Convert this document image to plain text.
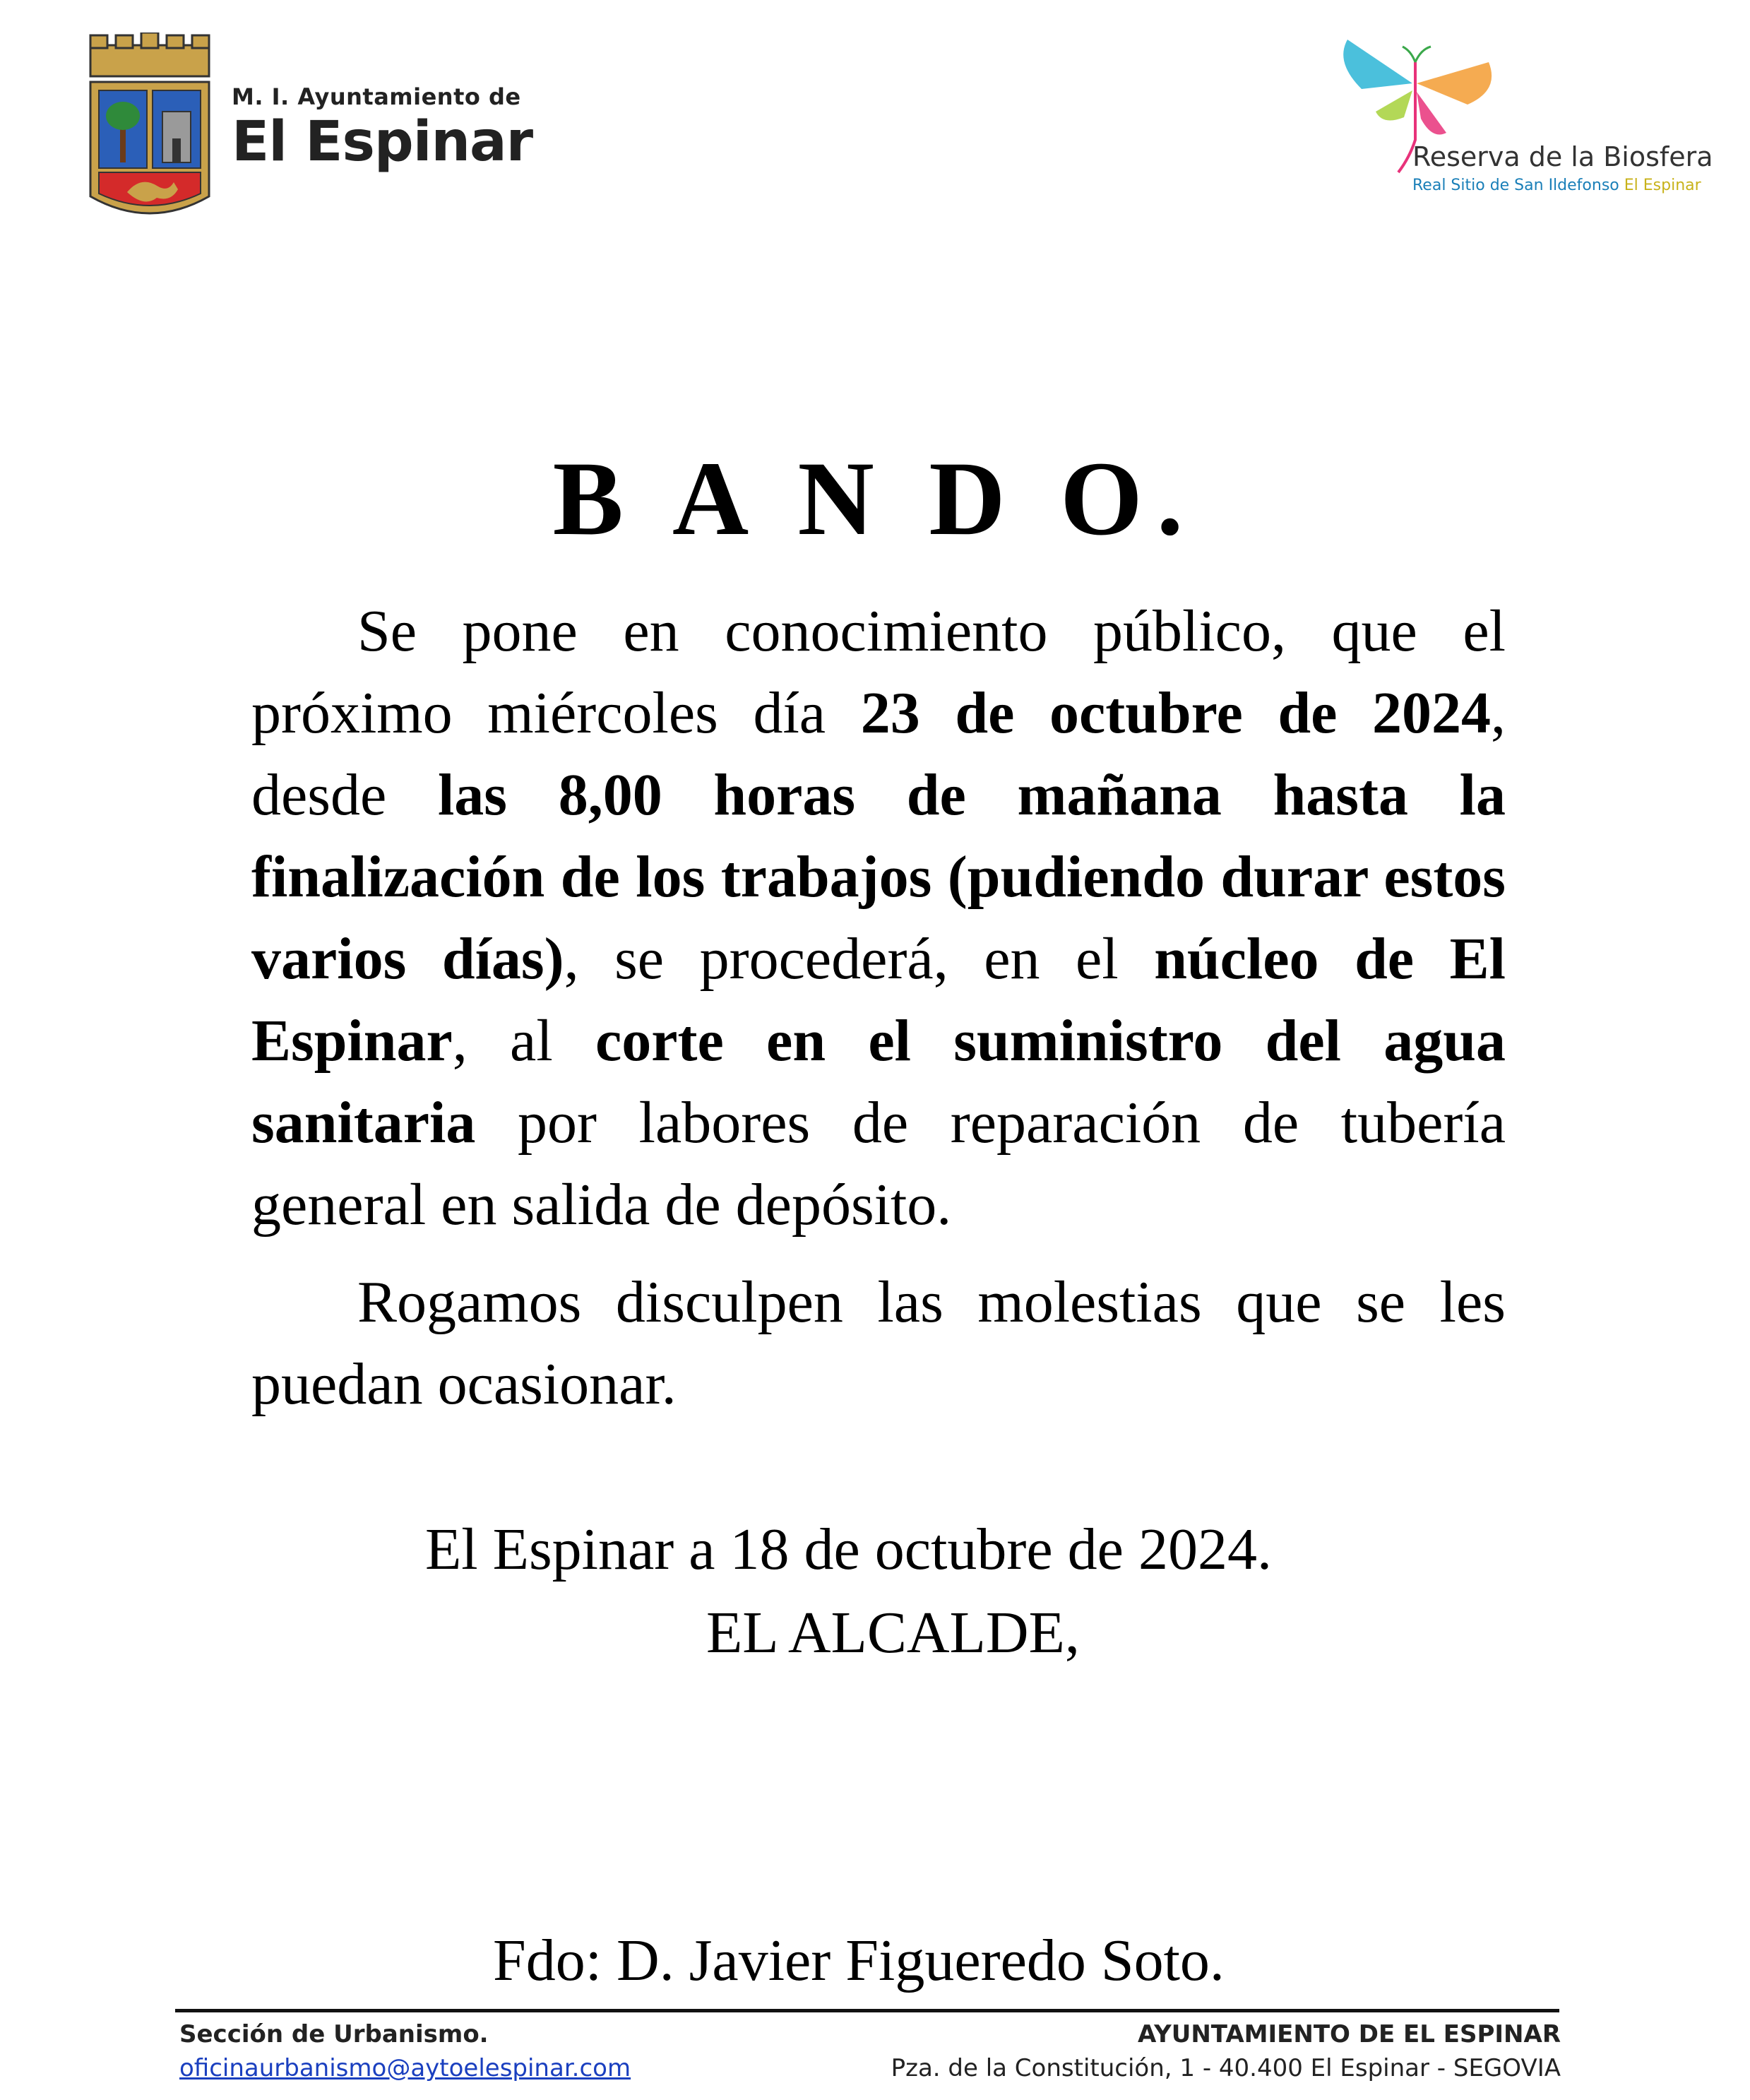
M. I. Ayuntamiento de
El Espinar	Reserva de la Biosfera
Real Sitio de San Ildefonso El Espinar
B A N D O.

Se pone en conocimiento público, que el próximo miércoles día 23 de octubre de 2024, desde las 8,00 horas de mañana hasta la finalización de los trabajos (pudiendo durar estos varios días), se procederá, en el núcleo de El Espinar, al corte en el suministro del agua sanitaria por labores de reparación de tubería general en salida de depósito.

Rogamos disculpen las molestias que se les puedan ocasionar.

El Espinar a 18 de octubre de 2024.
EL ALCALDE,
Fdo: D. Javier Figueredo Soto.
Sección de Urbanismo.
oficinaurbanismo@aytoelespinar.com
AYUNTAMIENTO DE EL ESPINAR
Pza. de la Constitución, 1 - 40.400 El Espinar - SEGOVIA
